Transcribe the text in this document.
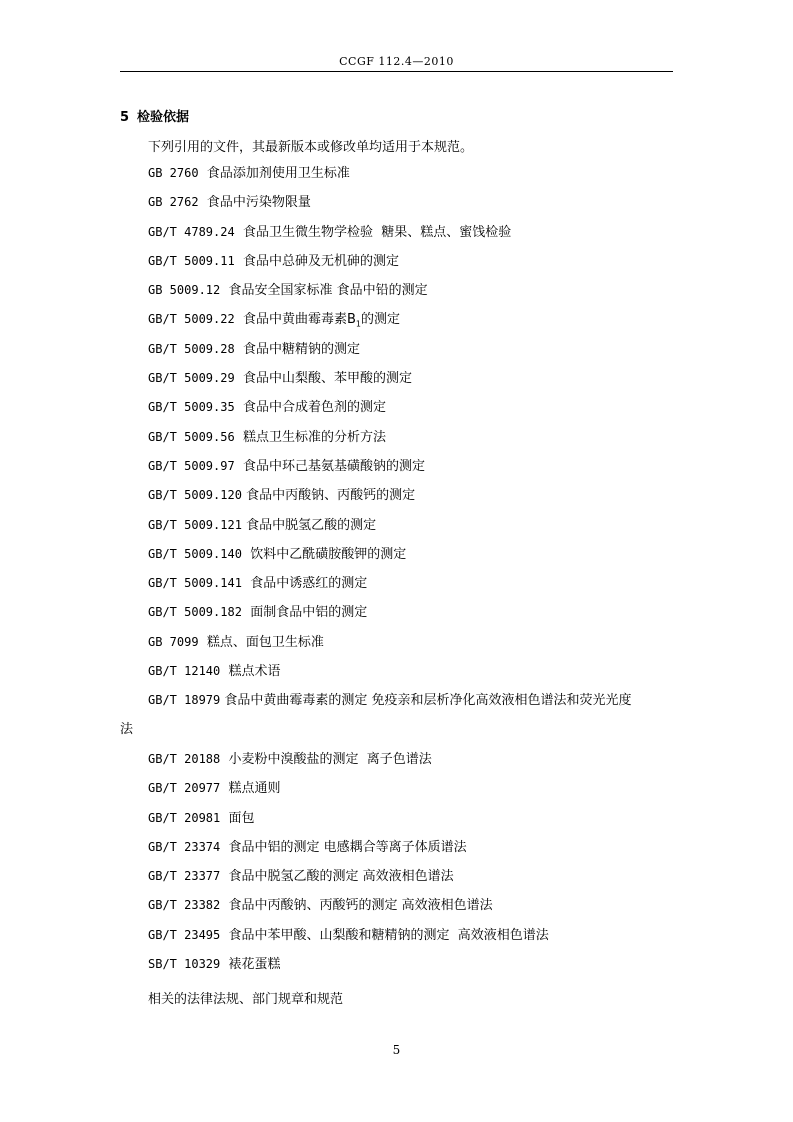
CCGF 112.4—2010
5 检验依据
下列引用的文件，其最新版本或修改单均适用于本规范。
GB 2760 食品添加剂使用卫生标准
GB 2762 食品中污染物限量
GB/T 4789.24 食品卫生微生物学检验  糖果、糕点、蜜饯检验
GB/T 5009.11 食品中总砷及无机砷的测定
GB 5009.12 食品安全国家标准 食品中铅的测定
GB/T 5009.22 食品中黄曲霉毒素$B_1$的测定
GB/T 5009.28 食品中糖精钠的测定
GB/T 5009.29 食品中山梨酸、苯甲酸的测定
GB/T 5009.35 食品中合成着色剂的测定
GB/T 5009.56 糕点卫生标准的分析方法
GB/T 5009.97 食品中环己基氨基磺酸钠的测定
GB/T 5009.120 食品中丙酸钠、丙酸钙的测定
GB/T 5009.121 食品中脱氢乙酸的测定
GB/T 5009.140 饮料中乙酰磺胺酸钾的测定
GB/T 5009.141 食品中诱惑红的测定
GB/T 5009.182 面制食品中铝的测定
GB 7099 糕点、面包卫生标准
GB/T 12140 糕点术语
GB/T 18979 食品中黄曲霉毒素的测定 免疫亲和层析净化高效液相色谱法和荧光光度
法
GB/T 20188 小麦粉中溴酸盐的测定  离子色谱法
GB/T 20977 糕点通则
GB/T 20981 面包
GB/T 23374 食品中铝的测定 电感耦合等离子体质谱法
GB/T 23377 食品中脱氢乙酸的测定 高效液相色谱法
GB/T 23382 食品中丙酸钠、丙酸钙的测定 高效液相色谱法
GB/T 23495 食品中苯甲酸、山梨酸和糖精钠的测定  高效液相色谱法
SB/T 10329 裱花蛋糕
相关的法律法规、部门规章和规范
5
